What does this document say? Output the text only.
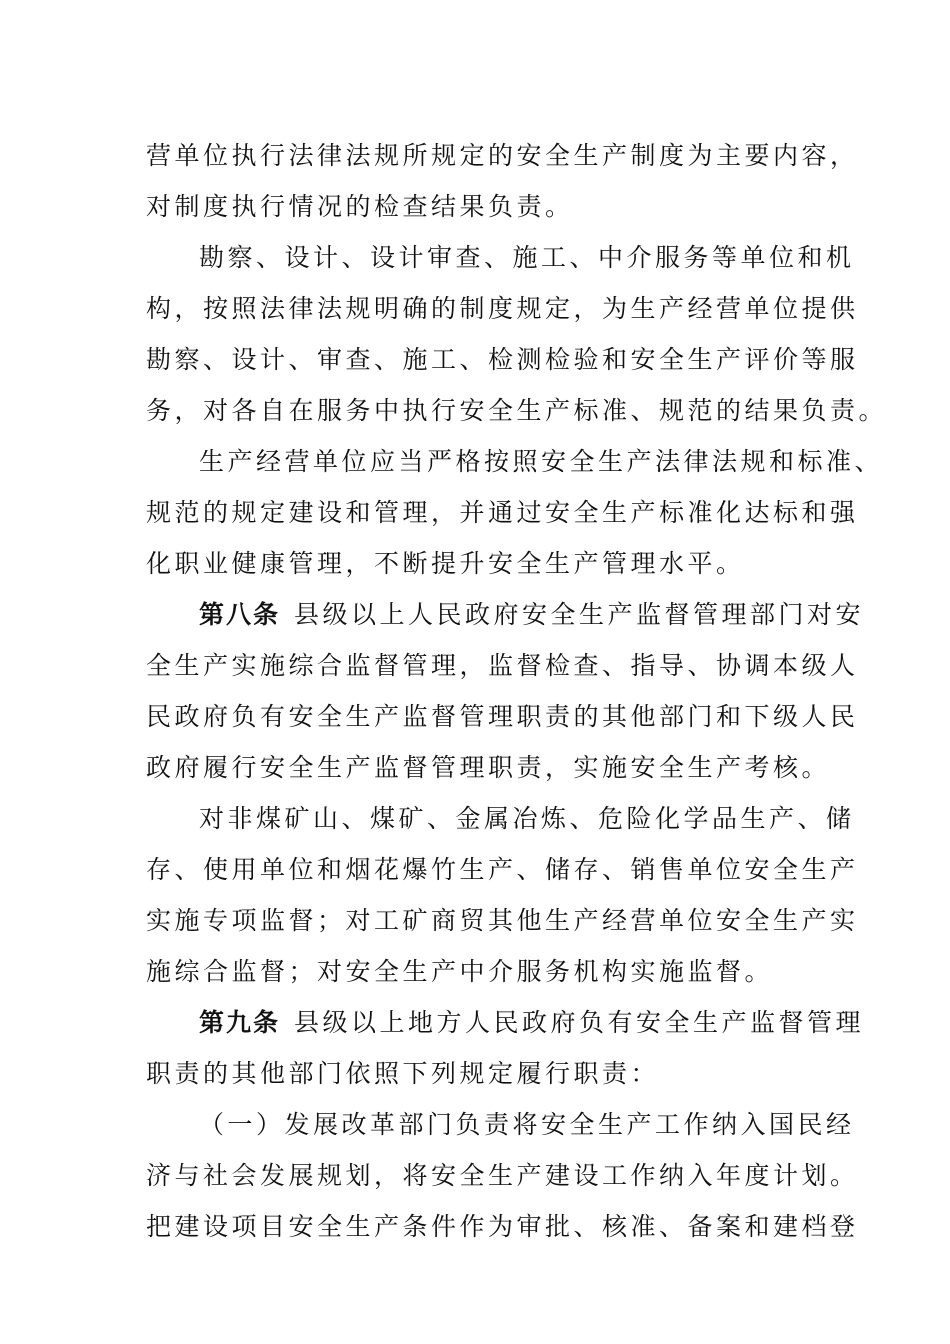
营单位执行法律法规所规定的安全生产制度为主要内容，
对制度执行情况的检查结果负责。

勘察、设计、设计审查、施工、中介服务等单位和机
构，按照法律法规明确的制度规定，为生产经营单位提供
勘察、设计、审查、施工、检测检验和安全生产评价等服
务，对各自在服务中执行安全生产标准、规范的结果负责。

生产经营单位应当严格按照安全生产法律法规和标准、
规范的规定建设和管理，并通过安全生产标准化达标和强
化职业健康管理，不断提升安全生产管理水平。

第八条 县级以上人民政府安全生产监督管理部门对安
全生产实施综合监督管理，监督检查、指导、协调本级人
民政府负有安全生产监督管理职责的其他部门和下级人民
政府履行安全生产监督管理职责，实施安全生产考核。

对非煤矿山、煤矿、金属冶炼、危险化学品生产、储
存、使用单位和烟花爆竹生产、储存、销售单位安全生产
实施专项监督；对工矿商贸其他生产经营单位安全生产实
施综合监督；对安全生产中介服务机构实施监督。

第九条 县级以上地方人民政府负有安全生产监督管理
职责的其他部门依照下列规定履行职责：

（一）发展改革部门负责将安全生产工作纳入国民经
济与社会发展规划，将安全生产建设工作纳入年度计划。
把建设项目安全生产条件作为审批、核准、备案和建档登
